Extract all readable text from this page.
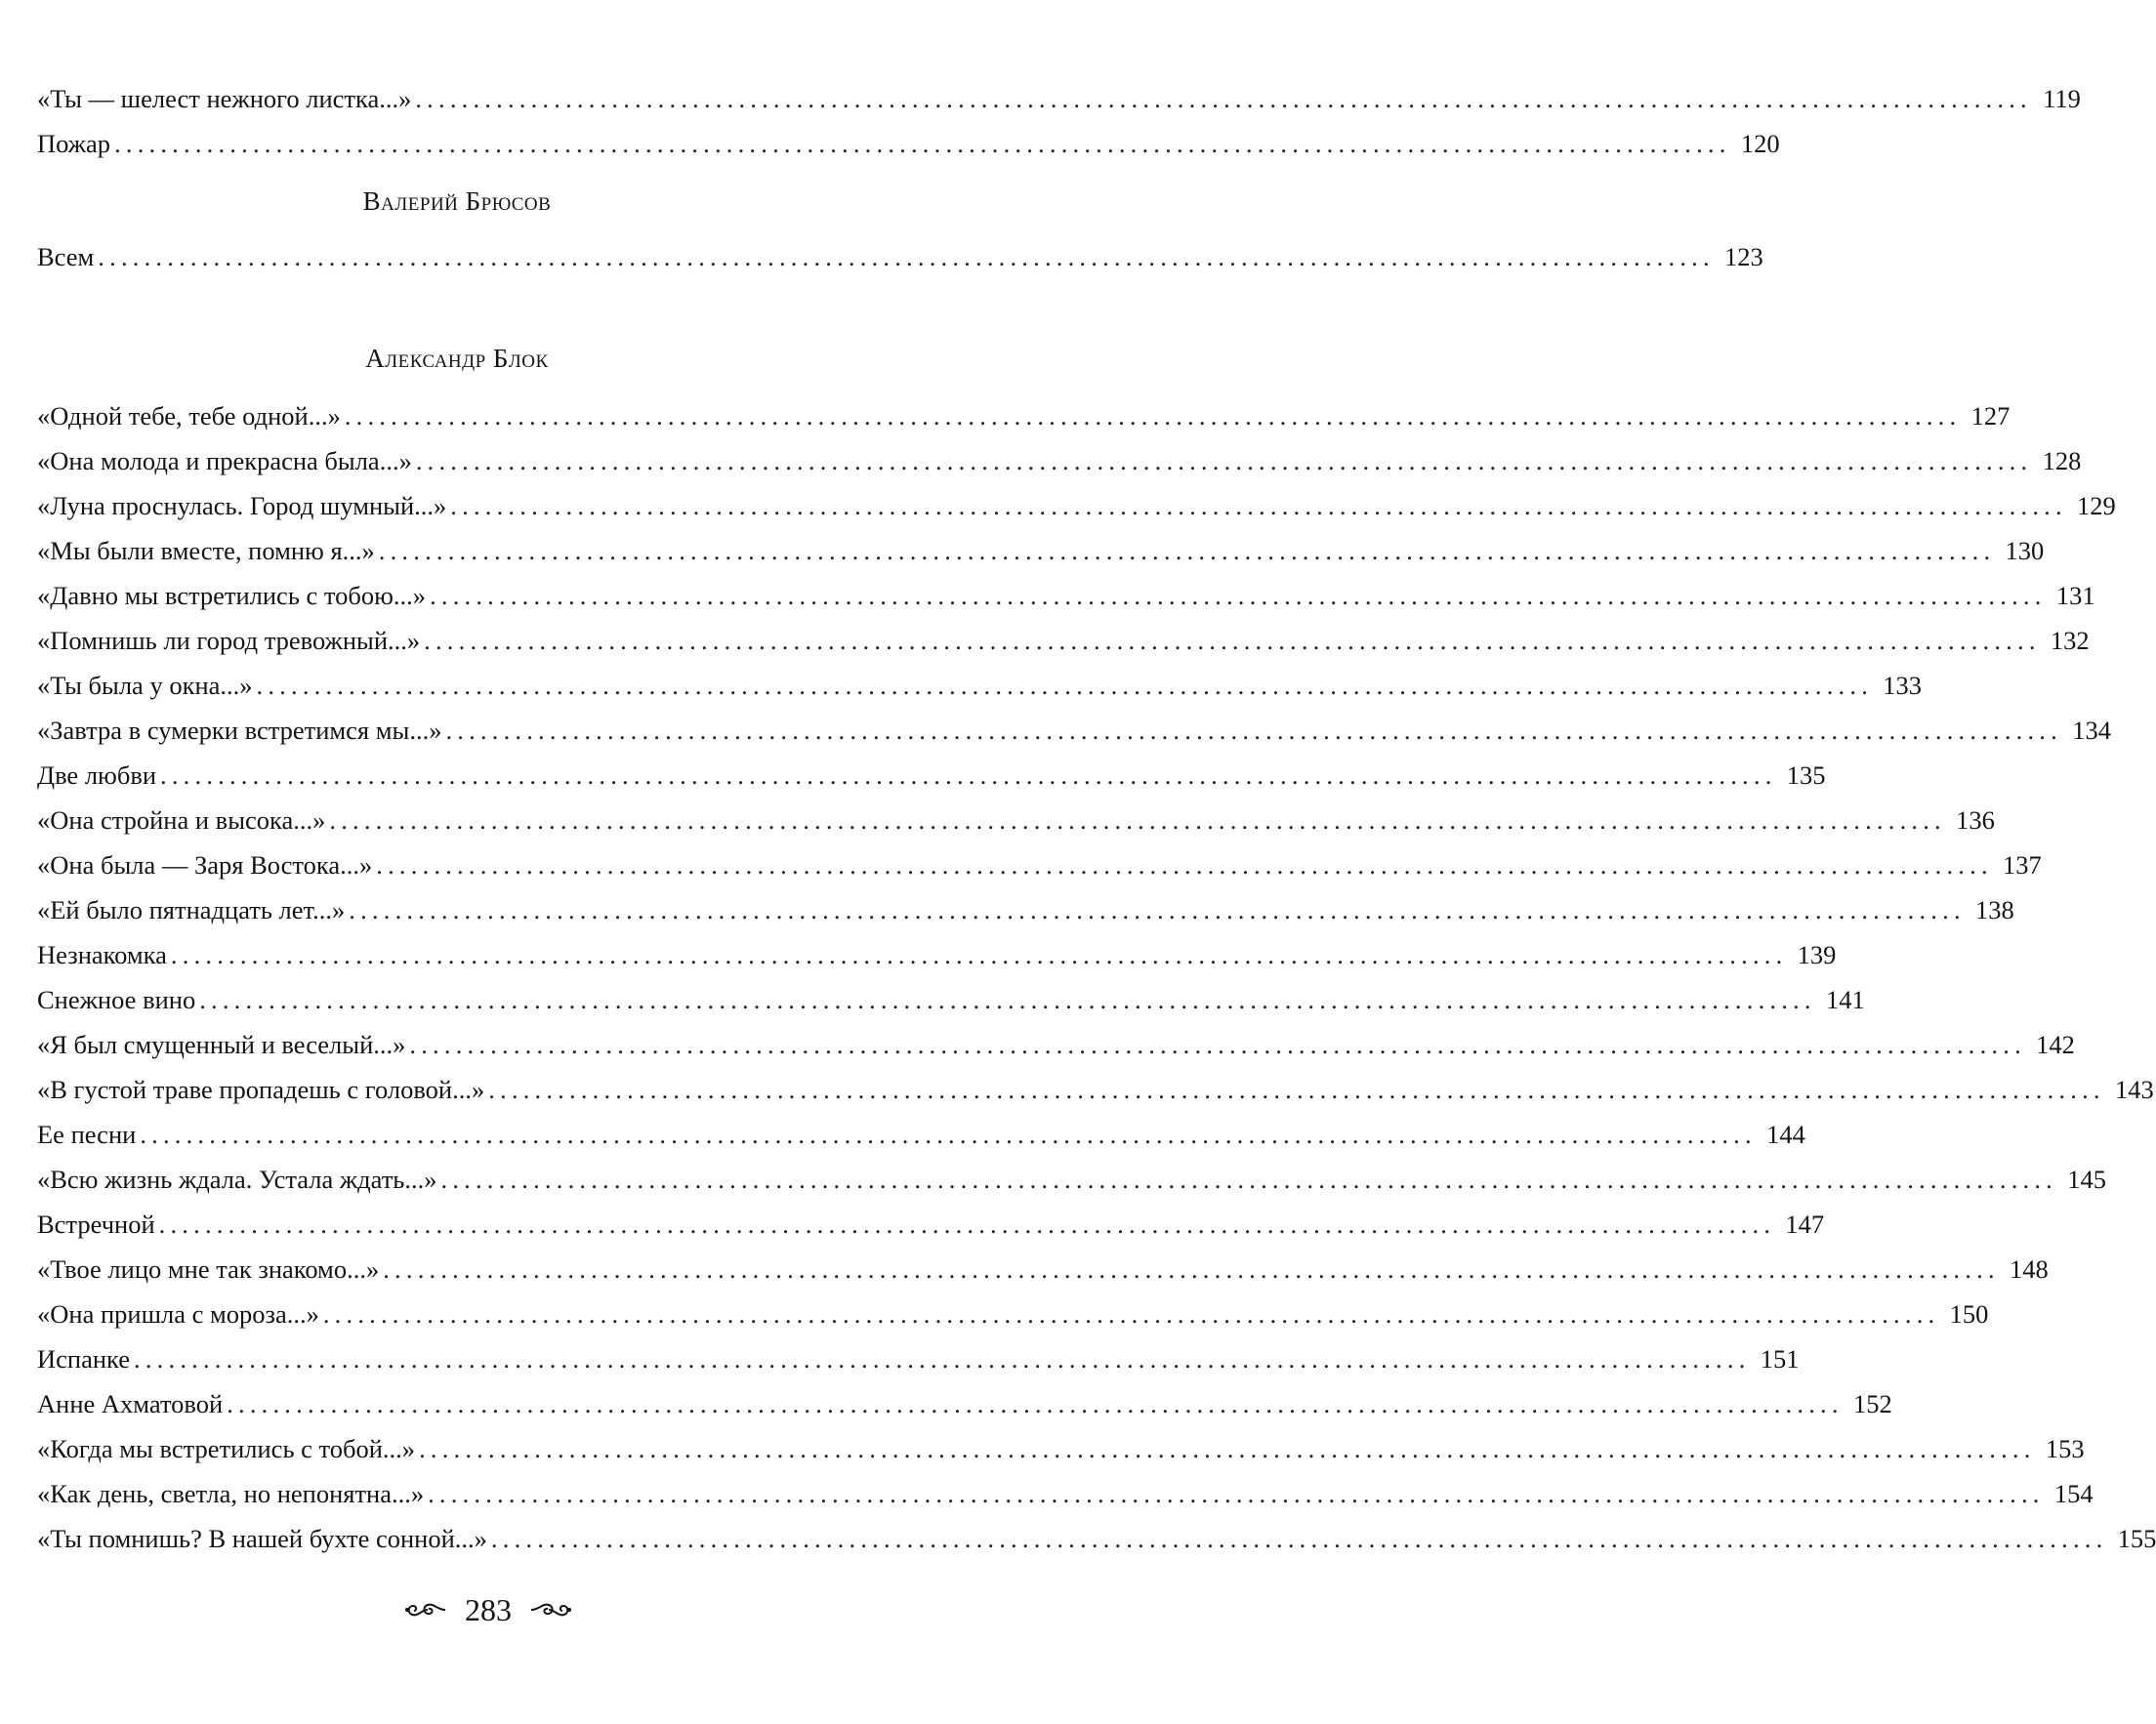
«Ты — шелест нежного листка...» ............................................................................................................................................ 119
Пожар ............................................................................................................................................ 120
Валерий Брюсов
Всем ............................................................................................................................................ 123
Александр Блок
«Одной тебе, тебе одной...» ............................................................................................................................................ 127
«Она молода и прекрасна была...» ............................................................................................................................................ 128
«Луна проснулась. Город шумный...» ............................................................................................................................................ 129
«Мы были вместе, помню я...» ............................................................................................................................................ 130
«Давно мы встретились с тобою...» ............................................................................................................................................ 131
«Помнишь ли город тревожный...» ............................................................................................................................................ 132
«Ты была у окна...» ............................................................................................................................................ 133
«Завтра в сумерки встретимся мы...» ............................................................................................................................................ 134
Две любви ............................................................................................................................................ 135
«Она стройна и высока...» ............................................................................................................................................ 136
«Она была — Заря Востока...» ............................................................................................................................................ 137
«Ей было пятнадцать лет...» ............................................................................................................................................ 138
Незнакомка ............................................................................................................................................ 139
Снежное вино ............................................................................................................................................ 141
«Я был смущенный и веселый...» ............................................................................................................................................ 142
«В густой траве пропадешь с головой...» ............................................................................................................................................ 143
Ее песни ............................................................................................................................................ 144
«Всю жизнь ждала. Устала ждать...» ............................................................................................................................................ 145
Встречной ............................................................................................................................................ 147
«Твое лицо мне так знакомо...» ............................................................................................................................................ 148
«Она пришла с мороза...» ............................................................................................................................................ 150
Испанке ............................................................................................................................................ 151
Анне Ахматовой ............................................................................................................................................ 152
«Когда мы встретились с тобой...» ............................................................................................................................................ 153
«Как день, светла, но непонятна...» ............................................................................................................................................ 154
«Ты помнишь? В нашей бухте сонной...» ............................................................................................................................................ 155
283
